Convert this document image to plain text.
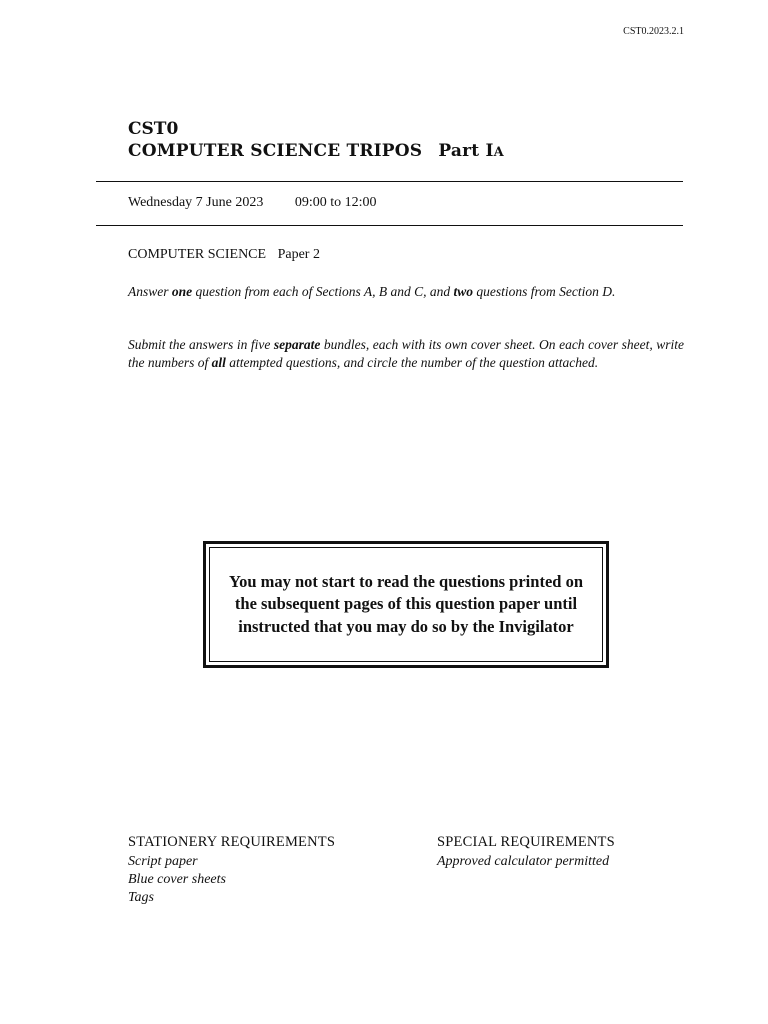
CST0.2023.2.1
CST0
COMPUTER SCIENCE TRIPOS Part IA
Wednesday 7 June 2023 09:00 to 12:00
COMPUTER SCIENCE Paper 2
Answer one question from each of Sections A, B and C, and two questions from Section D.
Submit the answers in five separate bundles, each with its own cover sheet. On each cover sheet, write the numbers of all attempted questions, and circle the number of the question attached.
You may not start to read the questions printed on the subsequent pages of this question paper until instructed that you may do so by the Invigilator
STATIONERY REQUIREMENTS
Script paper
Blue cover sheets
Tags
SPECIAL REQUIREMENTS
Approved calculator permitted
